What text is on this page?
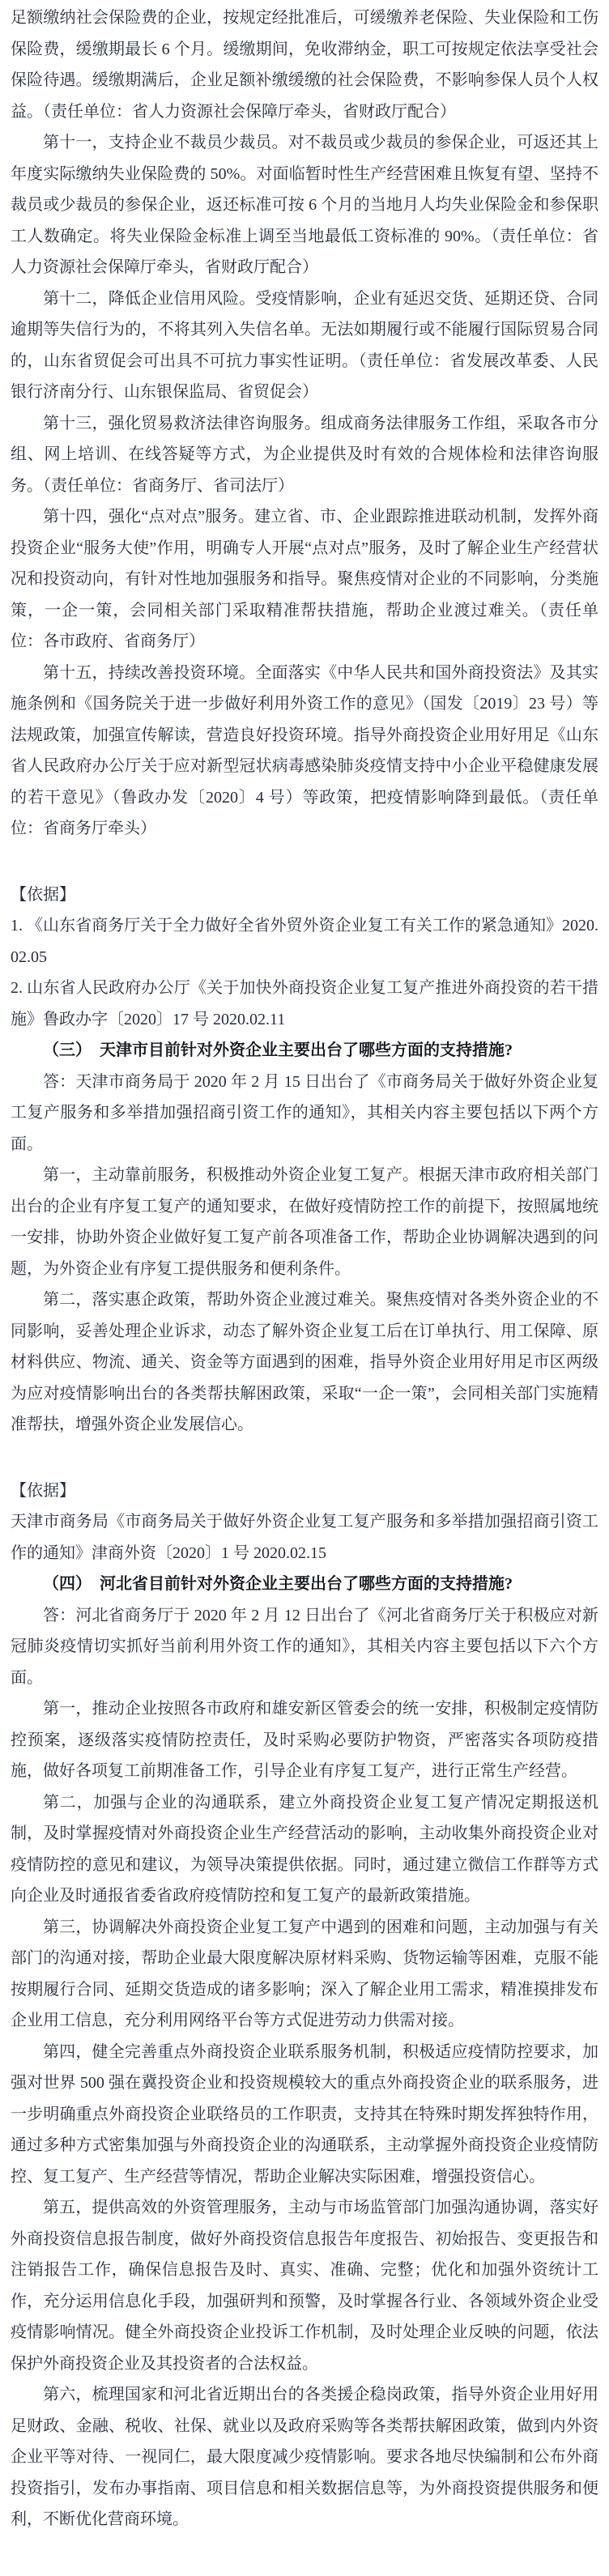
足额缴纳社会保险费的企业，按规定经批准后，可缓缴养老保险、失业保险和工伤保险费，缓缴期最长 6 个月。缓缴期间，免收滞纳金，职工可按规定依法享受社会保险待遇。缓缴期满后，企业足额补缴缓缴的社会保险费，不影响参保人员个人权益。（责任单位：省人力资源社会保障厅牵头，省财政厅配合）

第十一，支持企业不裁员少裁员。对不裁员或少裁员的参保企业，可返还其上年度实际缴纳失业保险费的 50%。对面临暂时性生产经营困难且恢复有望、坚持不裁员或少裁员的参保企业，返还标准可按 6 个月的当地月人均失业保险金和参保职工人数确定。将失业保险金标准上调至当地最低工资标准的 90%。（责任单位：省人力资源社会保障厅牵头，省财政厅配合）

第十二，降低企业信用风险。受疫情影响，企业有延迟交货、延期还贷、合同逾期等失信行为的，不将其列入失信名单。无法如期履行或不能履行国际贸易合同的，山东省贸促会可出具不可抗力事实性证明。（责任单位：省发展改革委、人民银行济南分行、山东银保监局、省贸促会）

第十三，强化贸易救济法律咨询服务。组成商务法律服务工作组，采取各市分组、网上培训、在线答疑等方式，为企业提供及时有效的合规体检和法律咨询服务。（责任单位：省商务厅、省司法厅）

第十四，强化“点对点”服务。建立省、市、企业跟踪推进联动机制，发挥外商投资企业“服务大使”作用，明确专人开展“点对点”服务，及时了解企业生产经营状况和投资动向，有针对性地加强服务和指导。聚焦疫情对企业的不同影响，分类施策，一企一策，会同相关部门采取精准帮扶措施，帮助企业渡过难关。（责任单位：各市政府、省商务厅）

第十五，持续改善投资环境。全面落实《中华人民共和国外商投资法》及其实施条例和《国务院关于进一步做好利用外资工作的意见》（国发〔2019〕23 号）等法规政策，加强宣传解读，营造良好投资环境。指导外商投资企业用好用足《山东省人民政府办公厅关于应对新型冠状病毒感染肺炎疫情支持中小企业平稳健康发展的若干意见》（鲁政办发〔2020〕4 号）等政策，把疫情影响降到最低。（责任单位：省商务厅牵头）

【依据】

1. 《山东省商务厅关于全力做好全省外贸外资企业复工有关工作的紧急通知》2020.02.05

2. 山东省人民政府办公厅《关于加快外商投资企业复工复产推进外商投资的若干措施》鲁政办字〔2020〕17 号 2020.02.11

（三）　天津市目前针对外资企业主要出台了哪些方面的支持措施?

答：天津市商务局于 2020 年 2 月 15 日出台了《市商务局关于做好外资企业复工复产服务和多举措加强招商引资工作的通知》，其相关内容主要包括以下两个方面。

第一，主动靠前服务，积极推动外资企业复工复产。根据天津市政府相关部门出台的企业有序复工复产的通知要求，在做好疫情防控工作的前提下，按照属地统一安排，协助外资企业做好复工复产前各项准备工作，帮助企业协调解决遇到的问题，为外资企业有序复工提供服务和便利条件。

第二，落实惠企政策，帮助外资企业渡过难关。聚焦疫情对各类外资企业的不同影响，妥善处理企业诉求，动态了解外资企业复工后在订单执行、用工保障、原材料供应、物流、通关、资金等方面遇到的困难，指导外资企业用好用足市区两级为应对疫情影响出台的各类帮扶解困政策，采取“一企一策”，会同相关部门实施精准帮扶，增强外资企业发展信心。

【依据】

天津市商务局《市商务局关于做好外资企业复工复产服务和多举措加强招商引资工作的通知》津商外资〔2020〕1 号 2020.02.15

（四）　河北省目前针对外资企业主要出台了哪些方面的支持措施?

答：河北省商务厅于 2020 年 2 月 12 日出台了《河北省商务厅关于积极应对新冠肺炎疫情切实抓好当前利用外资工作的通知》，其相关内容主要包括以下六个方面。

第一，推动企业按照各市政府和雄安新区管委会的统一安排，积极制定疫情防控预案，逐级落实疫情防控责任，及时采购必要防护物资，严密落实各项防疫措施，做好各项复工前期准备工作，引导企业有序复工复产，进行正常生产经营。

第二，加强与企业的沟通联系，建立外商投资企业复工复产情况定期报送机制，及时掌握疫情对外商投资企业生产经营活动的影响，主动收集外商投资企业对疫情防控的意见和建议，为领导决策提供依据。同时，通过建立微信工作群等方式向企业及时通报省委省政府疫情防控和复工复产的最新政策措施。

第三，协调解决外商投资企业复工复产中遇到的困难和问题，主动加强与有关部门的沟通对接，帮助企业最大限度解决原材料采购、货物运输等困难，克服不能按期履行合同、延期交货造成的诸多影响；深入了解企业用工需求，精准摸排发布企业用工信息，充分利用网络平台等方式促进劳动力供需对接。

第四，健全完善重点外商投资企业联系服务机制，积极适应疫情防控要求，加强对世界 500 强在冀投资企业和投资规模较大的重点外商投资企业的联系服务，进一步明确重点外商投资企业联络员的工作职责，支持其在特殊时期发挥独特作用，通过多种方式密集加强与外商投资企业的沟通联系，主动掌握外商投资企业疫情防控、复工复产、生产经营等情况，帮助企业解决实际困难，增强投资信心。

第五，提供高效的外资管理服务，主动与市场监管部门加强沟通协调，落实好外商投资信息报告制度，做好外商投资信息报告年度报告、初始报告、变更报告和注销报告工作，确保信息报告及时、真实、准确、完整；优化和加强外资统计工作，充分运用信息化手段，加强研判和预警，及时掌握各行业、各领域外资企业受疫情影响情况。健全外商投资企业投诉工作机制，及时处理企业反映的问题，依法保护外商投资企业及其投资者的合法权益。

第六，梳理国家和河北省近期出台的各类援企稳岗政策，指导外资企业用好用足财政、金融、税收、社保、就业以及政府采购等各类帮扶解困政策，做到内外资企业平等对待、一视同仁，最大限度减少疫情影响。要求各地尽快编制和公布外商投资指引，发布办事指南、项目信息和相关数据信息等，为外商投资提供服务和便利，不断优化营商环境。
